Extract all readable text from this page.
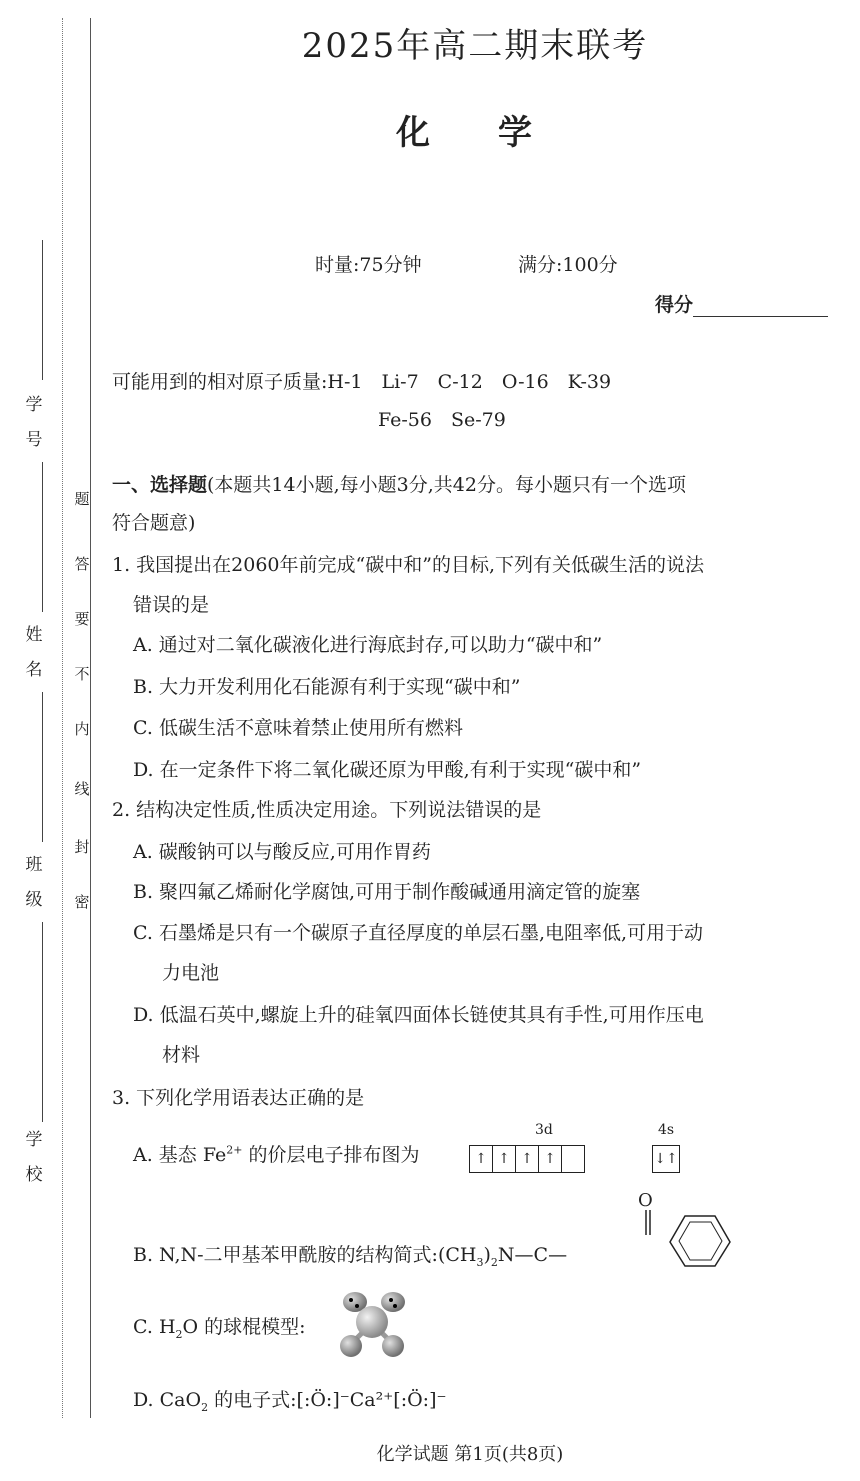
学
号
姓
名
班
级
学
校
题
答
要
不
内
线
封
密
2025年高二期末联考
化　　学
时量:75分钟	满分:100分
得分
可能用到的相对原子质量:H-1　Li-7　C-12　O-16　K-39
Fe-56　Se-79
一、选择题(本题共14小题,每小题3分,共42分。每小题只有一个选项
符合题意)
1. 我国提出在2060年前完成“碳中和”的目标,下列有关低碳生活的说法
错误的是
A. 通过对二氧化碳液化进行海底封存,可以助力“碳中和”
B. 大力开发利用化石能源有利于实现“碳中和”
C. 低碳生活不意味着禁止使用所有燃料
D. 在一定条件下将二氧化碳还原为甲酸,有利于实现“碳中和”
2. 结构决定性质,性质决定用途。下列说法错误的是
A. 碳酸钠可以与酸反应,可用作胃药
B. 聚四氟乙烯耐化学腐蚀,可用于制作酸碱通用滴定管的旋塞
C. 石墨烯是只有一个碳原子直径厚度的单层石墨,电阻率低,可用于动
力电池
D. 低温石英中,螺旋上升的硅氧四面体长链使其具有手性,可用作压电
材料
3. 下列化学用语表达正确的是
A. 基态 $Fe^{2+}$ 的价层电子排布图为
3d	4s
↑ ↑ ↑ ↑	↓↑
B. N,N-二甲基苯甲酰胺的结构简式$:(CH_3)_2N—C—$
O
C. $H_2O$ 的球棍模型:
D. CaO$_2$ 的电子式:[:Ö:]⁻Ca²⁺[:Ö:]⁻
化学试题 第1页(共8页)
